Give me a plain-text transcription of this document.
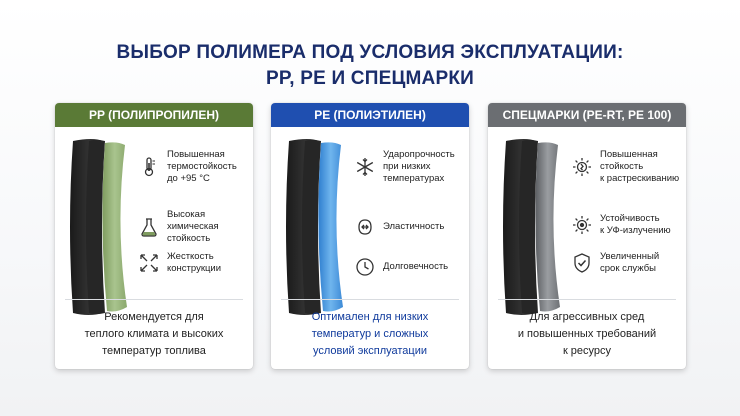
ВЫБОР ПОЛИМЕРА ПОД УСЛОВИЯ ЭКСПЛУАТАЦИИ:
PP, PE И СПЕЦМАРКИ
PP (ПОЛИПРОПИЛЕН)
Повышенная
термостойкость
до +95 °C
Высокая химическая
стойкость
Жесткость
конструкции
Рекомендуется для
теплого климата и высоких
температур топлива
PE (ПОЛИЭТИЛЕН)
Ударопрочность
при низких
температурах
Эластичность
Долговечность
Оптимален для низких
температур и сложных
условий эксплуатации
СПЕЦМАРКИ (PE-RT, PE 100)
Повышенная
стойкость
к растрескиванию
Устойчивость
к УФ-излучению
Увеличенный
срок службы
Для агрессивных сред
и повышенных требований
к ресурсу
